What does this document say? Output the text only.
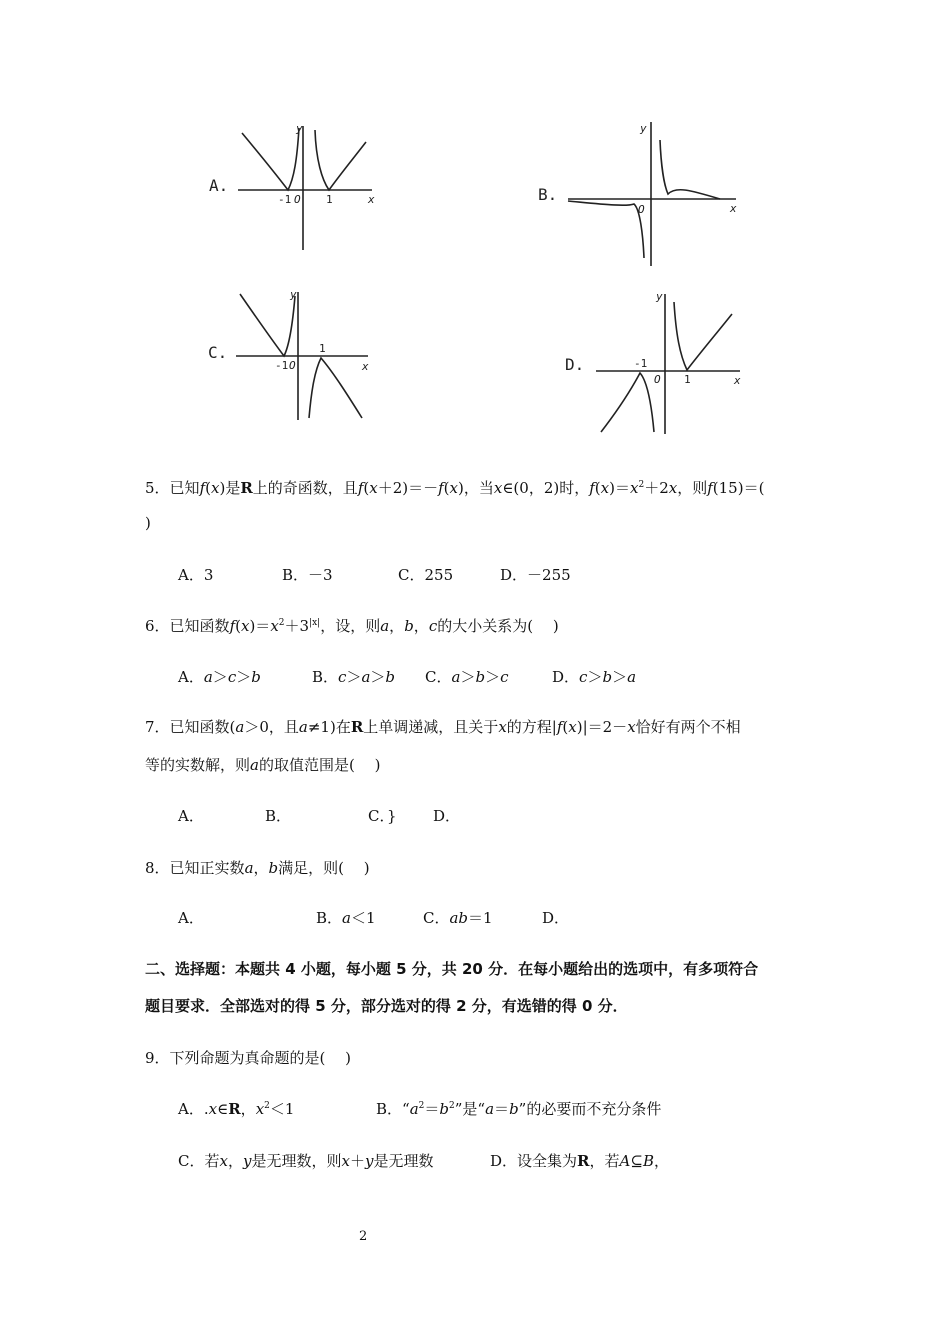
A.
y
x
-1 O 1	B.
y
x
O
C.
y
x
-1 O
1
D.
y
x
-1
O 1
5．已知f(x)是R上的奇函数，且f(x＋2)＝－f(x)，当x∈(0，2)时，$f(x)=x^2+2x$，则f(15)＝(
)
A．3	B．－3	C．255	D．－255
6．已知函数$f(x)=x^2+3^{|x|}$，设，则a，b，c的大小关系为(　 )
A．a＞c＞b	B．c＞a＞b C．a＞b＞c	D．c＞b＞a
7．已知函数(a＞0，且a≠1)在R上单调递减，且关于x的方程|f(x)|＝2－x恰好有两个不相
等的实数解，则a的取值范围是(　 )
A．	B．	C．} D．
8．已知正实数a，b满足，则(　 )
A．	B．a＜1	C．ab＝1	D．
二、选择题：本题共 4 小题，每小题 5 分，共 20 分．在每小题给出的选项中，有多项符合
题目要求．全部选对的得 5 分，部分选对的得 2 分，有选错的得 0 分．
9．下列命题为真命题的是(　 )
A．.x∈R，$x^2<1$	B．“$a^2=b^2$”是“a＝b”的必要而不充分条件
C．若x，y是无理数，则x＋y是无理数	D．设全集为R，若A⊆B，
2
